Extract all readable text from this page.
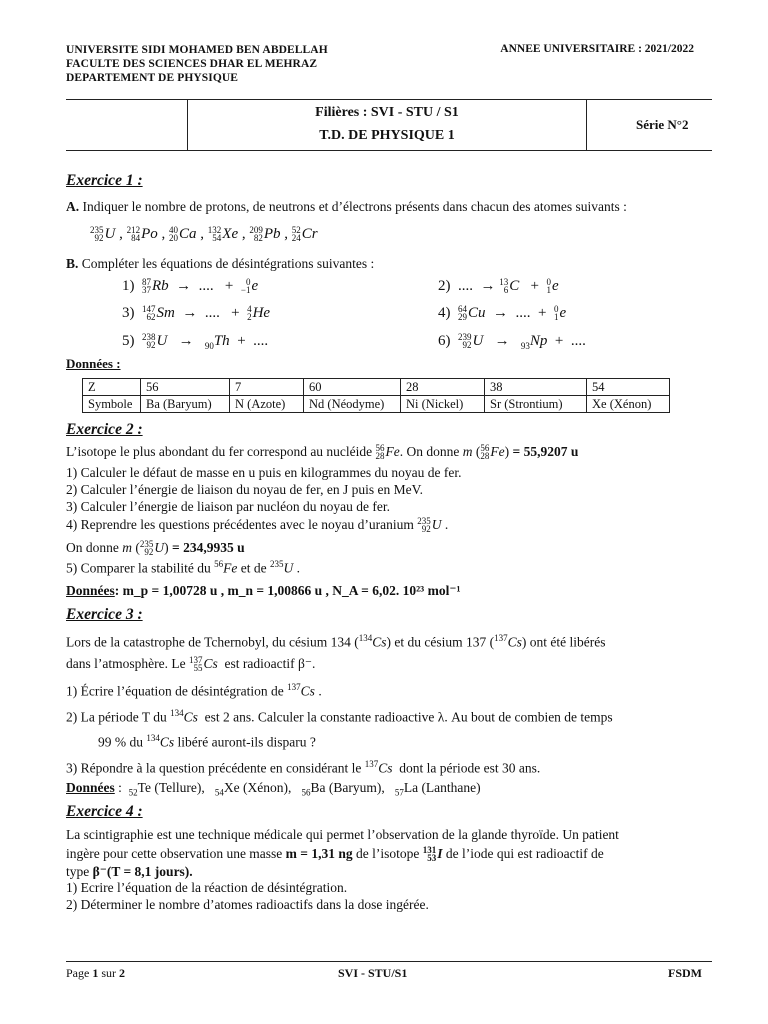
UNIVERSITE SIDI MOHAMED BEN ABDELLAH
FACULTE DES SCIENCES DHAR EL MEHRAZ
DEPARTEMENT DE PHYSIQUE
ANNEE UNIVERSITAIRE : 2021/2022
Filières : SVI - STU / S1
T.D. DE PHYSIQUE 1
Série N°2
Exercice 1 :
A. Indiquer le nombre de protons, de neutrons et d’électrons présents dans chacun des atomes suivants :
235
92 U , 212
84 Po , 40
20 Ca , 132
54 Xe , 209
82 Pb , 52
24 Cr
B. Compléter les équations de désintégrations suivantes :
1) 87
37 Rb  →  ....   + 0
−1 e	2)  ....  → 13
6 C   + 0
1 e
3) 147
62 Sm  →  ....   + 4
2 He	4) 64
29 Cu  →  ....  + 0
1 e
5) 238
92 U   →   $_{90}$Th  +  ....	6) 239
92 U   →   $_{93}$Np  +  ....
Données :
Z	56	7	60	28	38	54
Symbole	Ba (Baryum)	N (Azote)	Nd (Néodyme)	Ni (Nickel)	Sr (Strontium)	Xe (Xénon)
Exercice 2 :
L’isotope le plus abondant du fer correspond au nucléide 56
28 Fe. On donne m ( 56
28 Fe) = 55,9207 u
1) Calculer le défaut de masse en u puis en kilogrammes du noyau de fer.
2) Calculer l’énergie de liaison du noyau de fer, en J puis en MeV.
3) Calculer l’énergie de liaison par nucléon du noyau de fer.
4) Reprendre les questions précédentes avec le noyau d’uranium 235
92 U .
On donne m ( 235
92 U) = 234,9935 u
5) Comparer la stabilité du $^{56}$Fe et de $^{235}$U .
Données: m_p = 1,00728 u , m_n = 1,00866 u , N_A = 6,02. 10²³ mol⁻¹
Exercice 3 :
Lors de la catastrophe de Tchernobyl, du césium 134 ($^{134}$Cs) et du césium 137 ($^{137}$Cs) ont été libérés
dans l’atmosphère. Le 137
55 Cs est radioactif β⁻.
1) Écrire l’équation de désintégration de $^{137}$Cs .
2) La période T du $^{134}$Cs est 2 ans. Calculer la constante radioactive λ. Au bout de combien de temps
99 % du $^{134}$Cs libéré auront-ils disparu ?
3) Répondre à la question précédente en considérant le $^{137}$Cs dont la période est 30 ans.
Données :  $_{52}$Te (Tellure), $_{54}$Xe (Xénon), $_{56}$Ba (Baryum), $_{57}$La (Lanthane)
Exercice 4 :
La scintigraphie est une technique médicale qui permet l’observation de la glande thyroïde. Un patient
ingère pour cette observation une masse m = 1,31 ng de l’isotope 131
53 I de l’iode qui est radioactif de
type β⁻(T = 8,1 jours).
1) Ecrire l’équation de la réaction de désintégration.
2) Déterminer le nombre d’atomes radioactifs dans la dose ingérée.
Page 1 sur 2	SVI - STU/S1	FSDM
